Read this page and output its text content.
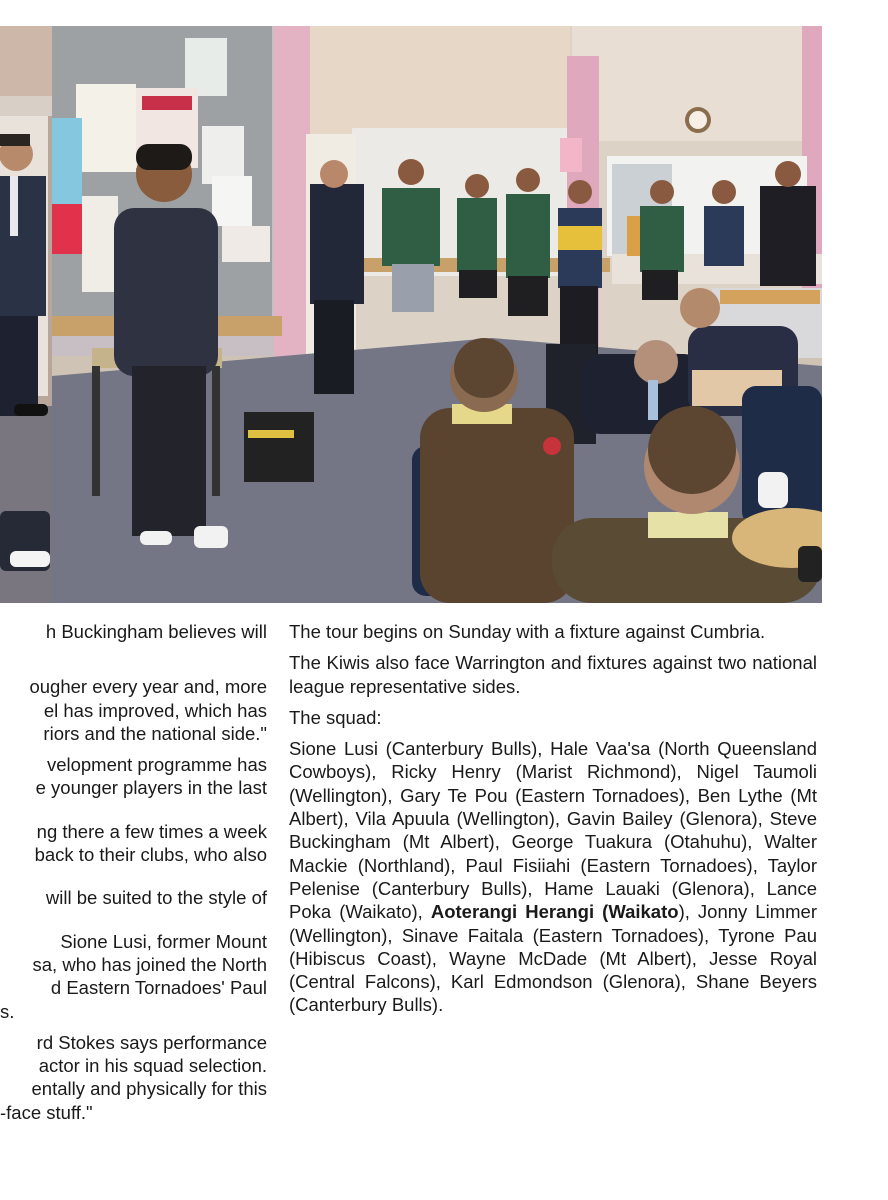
h Buckingham believes will

ougher every year and, more
el has improved, which has
riors and the national side."

velopment programme has
e younger players in the last

ng there a few times a week
back to their clubs, who also

will be suited to the style of

Sione Lusi, former Mount
sa, who has joined the North
d Eastern Tornadoes' Paul
s.

rd Stokes says performance
actor in his squad selection.
entally and physically for this
-face stuff."

The tour begins on Sunday with a fixture against Cumbria.

The Kiwis also face Warrington and fixtures against two national league representative sides.

The squad:

Sione Lusi (Canterbury Bulls), Hale Vaa'sa (North Queensland Cowboys), Ricky Henry (Marist Richmond), Nigel Taumoli (Wellington), Gary Te Pou (Eastern Tornadoes), Ben Lythe (Mt Albert), Vila Apuula (Wellington), Gavin Bailey (Glenora), Steve Buckingham (Mt Albert), George Tuakura (Otahuhu), Walter Mackie (Northland), Paul Fisiiahi (Eastern Tornadoes), Taylor Pelenise (Canterbury Bulls), Hame Lauaki (Glenora), Lance Poka (Waikato), Aoterangi Herangi (Waikato), Jonny Limmer (Wellington), Sinave Faitala (Eastern Tornadoes), Tyrone Pau (Hibiscus Coast), Wayne McDade (Mt Albert), Jesse Royal (Central Falcons), Karl Edmondson (Glenora), Shane Beyers (Canterbury Bulls).
